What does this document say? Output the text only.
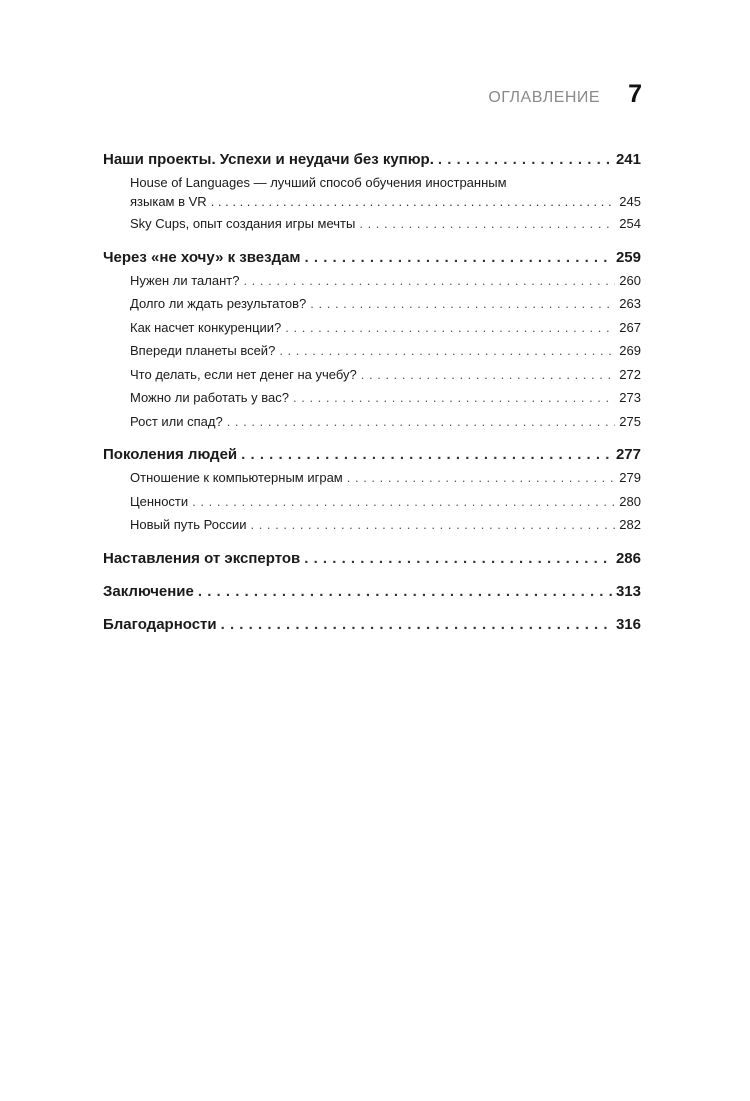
ОГЛАВЛЕНИЕ 7
Наши проекты. Успехи и неудачи без купюр. . . .	241
House of Languages — лучший способ обучения иностранным
языкам в VR . . .	245
Sky Cups, опыт создания игры мечты . . .	254
Через «не хочу» к звездам . . .	259
Нужен ли талант? . . .	260
Долго ли ждать результатов? . . .	263
Как насчет конкуренции? . . .	267
Впереди планеты всей? . . .	269
Что делать, если нет денег на учебу? . . .	272
Можно ли работать у вас? . . .	273
Рост или спад? . . .	275
Поколения людей . . .	277
Отношение к компьютерным играм . . .	279
Ценности . . .	280
Новый путь России . . .	282
Наставления от экспертов . . .	286
Заключение . . .	313
Благодарности . . .	316
